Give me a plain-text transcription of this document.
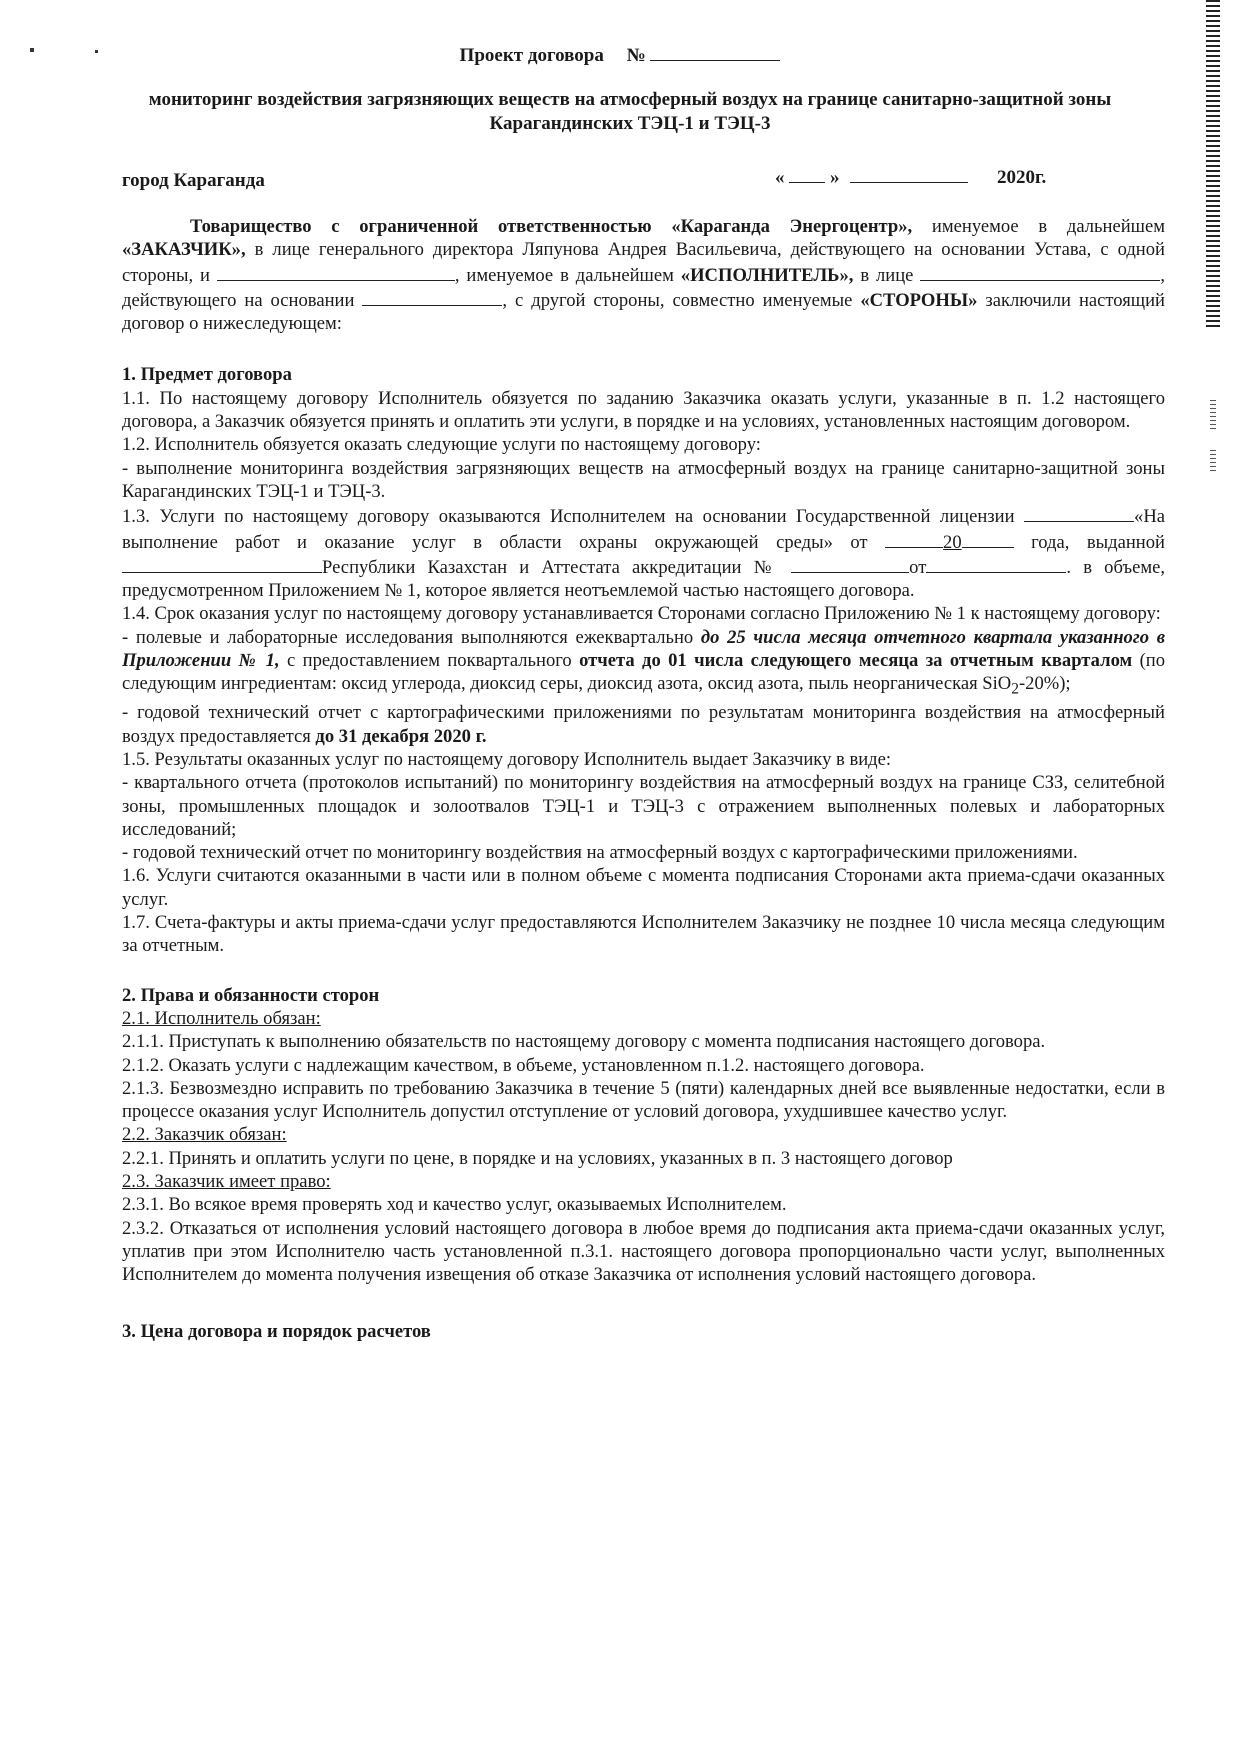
Проект договора №
мониторинг воздействия загрязняющих веществ на атмосферный воздух на границе санитарно-защитной зоны Карагандинских ТЭЦ-1 и ТЭЦ-3
город Караганда	« »	2020г.

Товарищество с ограниченной ответственностью «Караганда Энергоцентр», именуемое в дальнейшем «ЗАКАЗЧИК», в лице генерального директора Ляпунова Андрея Васильевича, действующего на основании Устава, с одной стороны, и	, именуемое в дальнейшем «ИСПОЛНИТЕЛЬ», в лице	, действующего на основании	, с другой стороны, совместно именуемые «СТОРОНЫ» заключили настоящий договор о нижеследующем:

1. Предмет договора

1.1. По настоящему договору Исполнитель обязуется по заданию Заказчика оказать услуги, указанные в п. 1.2 настоящего договора, а Заказчик обязуется принять и оплатить эти услуги, в порядке и на условиях, установленных настоящим договором.

1.2. Исполнитель обязуется оказать следующие услуги по настоящему договору:

- выполнение мониторинга воздействия загрязняющих веществ на атмосферный воздух на границе санитарно-защитной зоны Карагандинских ТЭЦ-1 и ТЭЦ-3.

1.3. Услуги по настоящему договору оказываются Исполнителем на основании Государственной лицензии	«На выполнение работ и оказание услуг в области охраны окружающей среды» от	20	года, выданной Республики Казахстан и Аттестата аккредитации №	от	. в объеме, предусмотренном Приложением № 1, которое является неотъемлемой частью настоящего договора.

1.4. Срок оказания услуг по настоящему договору устанавливается Сторонами согласно Приложению № 1 к настоящему договору:

- полевые и лабораторные исследования выполняются ежеквартально до 25 числа месяца отчетного квартала указанного в Приложении № 1, с предоставлением поквартального отчета до 01 числа следующего месяца за отчетным кварталом (по следующим ингредиентам: оксид углерода, диоксид серы, диоксид азота, оксид азота, пыль неорганическая SiO$_2$-20%);

- годовой технический отчет с картографическими приложениями по результатам мониторинга воздействия на атмосферный воздух предоставляется до 31 декабря 2020 г.

1.5. Результаты оказанных услуг по настоящему договору Исполнитель выдает Заказчику в виде:

- квартального отчета (протоколов испытаний) по мониторингу воздействия на атмосферный воздух на границе СЗЗ, селитебной зоны, промышленных площадок и золоотвалов ТЭЦ-1 и ТЭЦ-3 с отражением выполненных полевых и лабораторных исследований;

- годовой технический отчет по мониторингу воздействия на атмосферный воздух с картографическими приложениями.

1.6. Услуги считаются оказанными в части или в полном объеме с момента подписания Сторонами акта приема-сдачи оказанных услуг.

1.7. Счета-фактуры и акты приема-сдачи услуг предоставляются Исполнителем Заказчику не позднее 10 числа месяца следующим за отчетным.

2. Права и обязанности сторон

2.1. Исполнитель обязан:

2.1.1. Приступать к выполнению обязательств по настоящему договору с момента подписания настоящего договора.

2.1.2. Оказать услуги с надлежащим качеством, в объеме, установленном п.1.2. настоящего договора.

2.1.3. Безвозмездно исправить по требованию Заказчика в течение 5 (пяти) календарных дней все выявленные недостатки, если в процессе оказания услуг Исполнитель допустил отступление от условий договора, ухудшившее качество услуг.

2.2. Заказчик обязан:

2.2.1. Принять и оплатить услуги по цене, в порядке и на условиях, указанных в п. 3 настоящего договор

2.3. Заказчик имеет право:

2.3.1. Во всякое время проверять ход и качество услуг, оказываемых Исполнителем.

2.3.2. Отказаться от исполнения условий настоящего договора в любое время до подписания акта приема-сдачи оказанных услуг, уплатив при этом Исполнителю часть установленной п.3.1. настоящего договора пропорционально части услуг, выполненных Исполнителем до момента получения извещения об отказе Заказчика от исполнения условий настоящего договора.

3. Цена договора и порядок расчетов
